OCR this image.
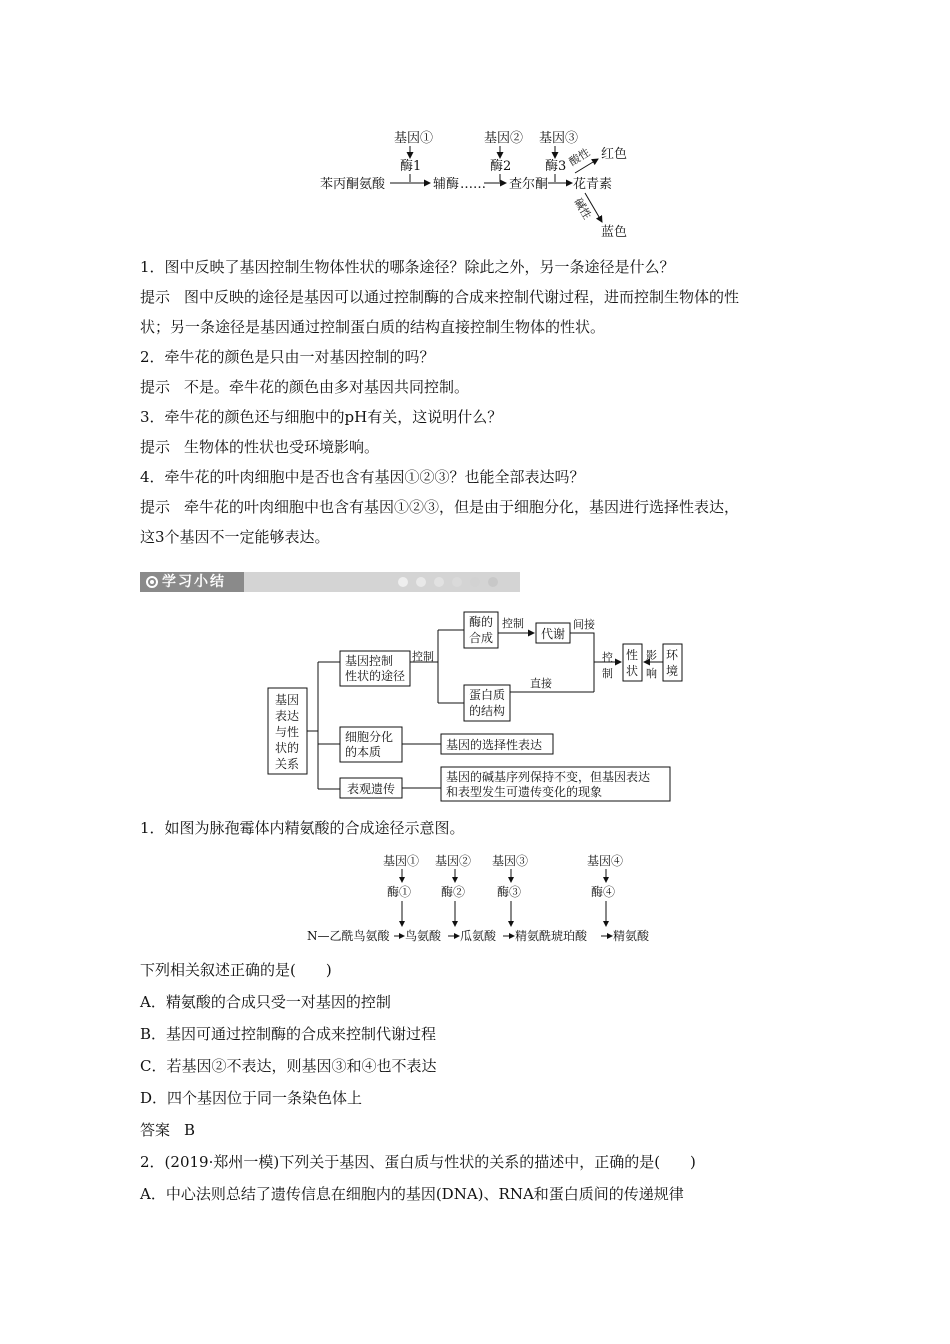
基因①	基因② 基因③
酶1	酶2	酶3
苯丙酮氨酸	辅酶 …… 查尔酮 花青素
酸性 红色
碱性
蓝色
1．图中反映了基因控制生物体性状的哪条途径？除此之外，另一条途径是什么？
提示 图中反映的途径是基因可以通过控制酶的合成来控制代谢过程，进而控制生物体的性
状；另一条途径是基因通过控制蛋白质的结构直接控制生物体的性状。
2．牵牛花的颜色是只由一对基因控制的吗？
提示 不是。牵牛花的颜色由多对基因共同控制。
3．牵牛花的颜色还与细胞中的pH有关，这说明什么？
提示 生物体的性状也受环境影响。
4．牵牛花的叶肉细胞中是否也含有基因①②③？也能全部表达吗？
提示 牵牛花的叶肉细胞中也含有基因①②③，但是由于细胞分化，基因进行选择性表达，
这3个基因不一定能够表达。
学习小结
基因
表达
与性
状的
关系
基因控制
性状的途径
细胞分化
的本质
表观遗传
酶的
合成	代谢
蛋白质
的结构
性
状
环
境
基因的选择性表达
基因的碱基序列保持不变，但基因表达
和表型发生可遗传变化的现象
控制
控制	间接
直接
控
制
影
响
1．如图为脉孢霉体内精氨酸的合成途径示意图。
基因① 基因② 基因③	基因④
酶① 酶②	酶③	酶④
N—乙酰鸟氨酸 鸟氨酸 瓜氨酸 精氨酰琥珀酸 精氨酸
下列相关叙述正确的是(　　)
A．精氨酸的合成只受一对基因的控制
B．基因可通过控制酶的合成来控制代谢过程
C．若基因②不表达，则基因③和④也不表达
D．四个基因位于同一条染色体上
答案 B
2．(2019·郑州一模)下列关于基因、蛋白质与性状的关系的描述中，正确的是(　　)
A．中心法则总结了遗传信息在细胞内的基因(DNA)、RNA和蛋白质间的传递规律
